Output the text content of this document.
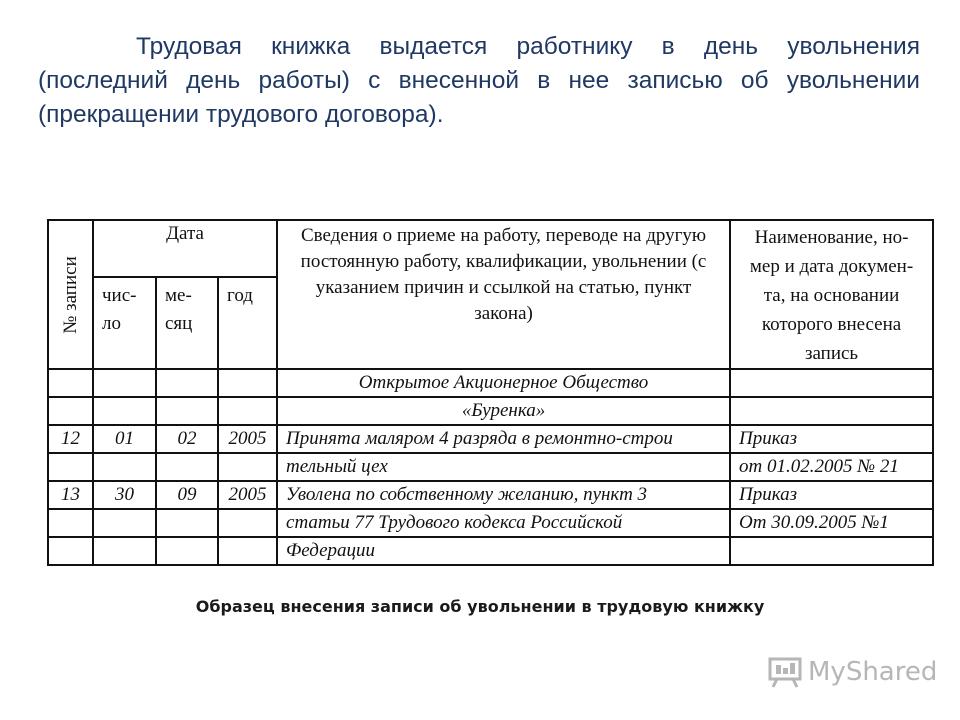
Трудовая книжка выдается работнику в день увольнения (последний день работы) с внесенной в нее записью об увольнении (прекращении трудового договора).

№ записи	Дата			Сведения о приеме на работу, переводе на другую постоянную работу, квалификации, увольнении (с указанием причин и ссылкой на статью, пункт закона)	Наименование, но-мер и дата докумен-та, на основании которого внесена запись
	чис-ло	ме-сяц	год		
				Открытое Акционерное Общество	
				«Буренка»	
12	01	02	2005	Принята маляром 4 разряда в ремонтно-строи	Приказ
				тельный цех	от 01.02.2005 № 21
13	30	09	2005	Уволена по собственному желанию, пункт 3	Приказ
				статьи 77 Трудового кодекса Российской	От 30.09.2005 №1
				Федерации	
Образец внесения записи об увольнении в трудовую книжку
MyShared
